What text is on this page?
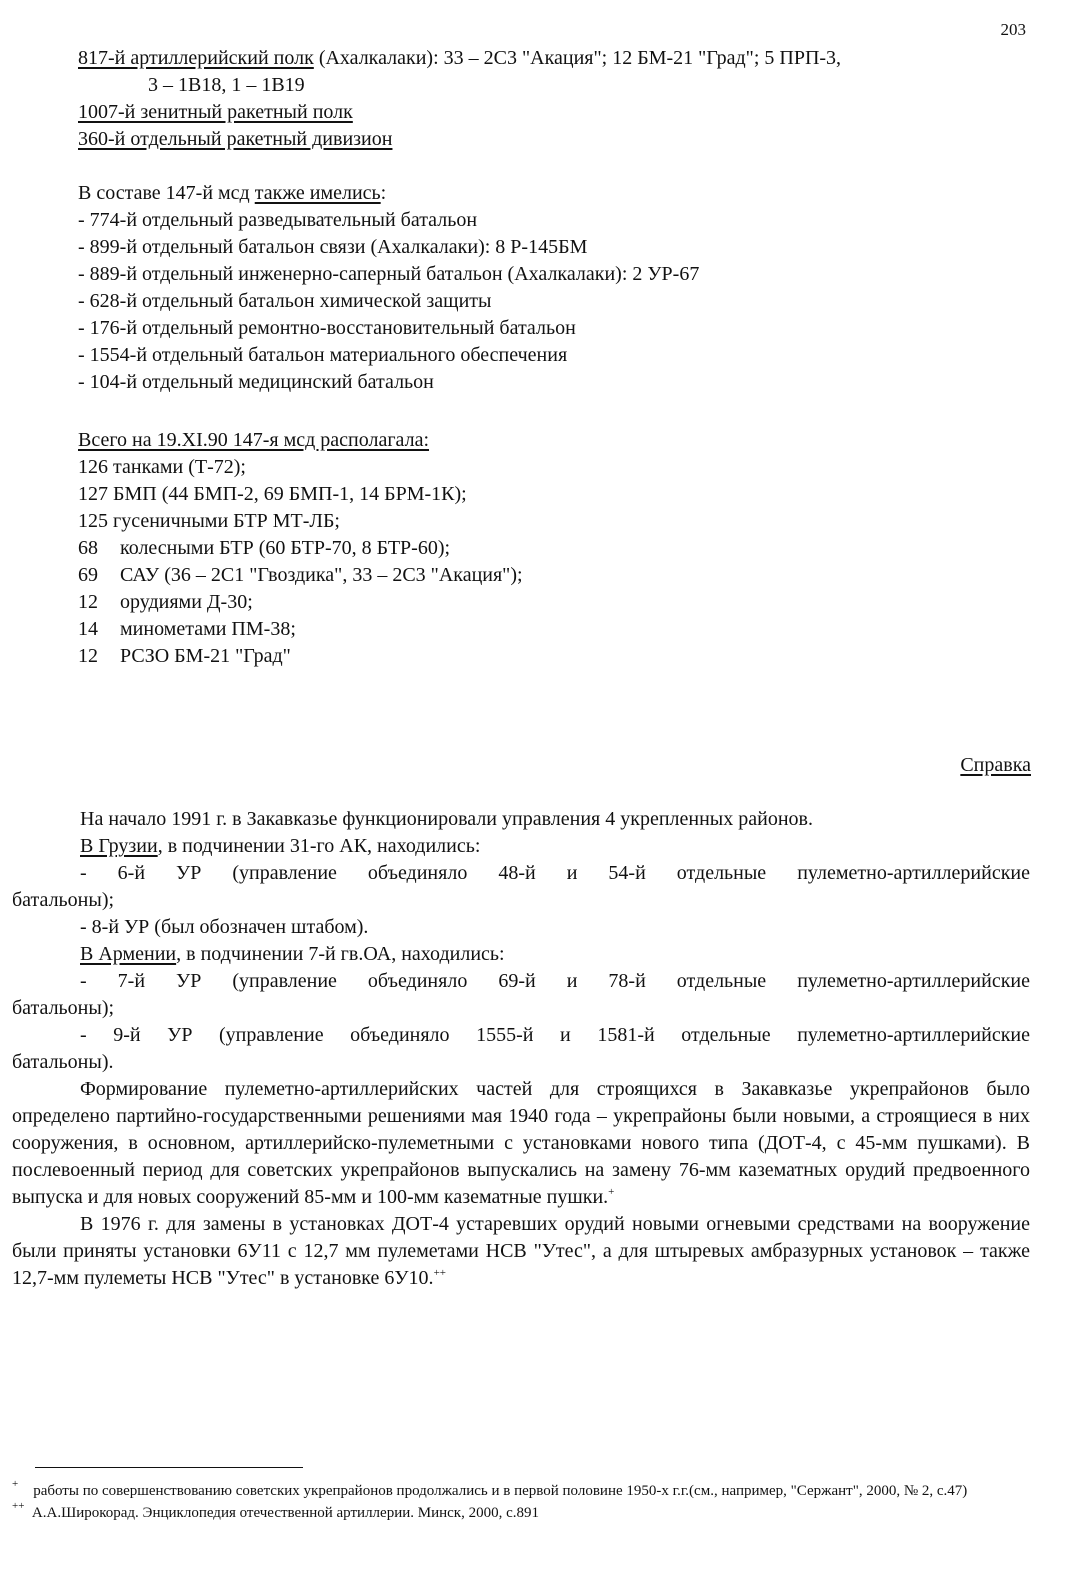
203
817-й артиллерийский полк (Ахалкалаки): 33 – 2С3 "Акация"; 12 БМ-21 "Град"; 5 ПРП-3,
3 – 1В18, 1 – 1В19
1007-й зенитный ракетный полк
360-й отдельный ракетный дивизион
В составе 147-й мсд также имелись:
- 774-й отдельный разведывательный батальон
- 899-й отдельный батальон связи (Ахалкалаки): 8 Р-145БМ
- 889-й отдельный инженерно-саперный батальон (Ахалкалаки): 2 УР-67
- 628-й отдельный батальон химической защиты
- 176-й отдельный ремонтно-восстановительный батальон
- 1554-й отдельный батальон материального обеспечения
- 104-й отдельный медицинский батальон
Всего на 19.XI.90 147-я мсд располагала:
126 танками (Т-72);
127 БМП (44 БМП-2, 69 БМП-1, 14 БРМ-1К);
125 гусеничными БТР МТ-ЛБ;
68 колесными БТР (60 БТР-70, 8 БТР-60);
69 САУ (36 – 2С1 "Гвоздика", 33 – 2С3 "Акация");
12 орудиями Д-30;
14 минометами ПМ-38;
12 РСЗО БМ-21 "Град"
Справка

На начало 1991 г. в Закавказье функционировали управления 4 укрепленных районов.

В Грузии, в подчинении 31-го АК, находились:

- 6-й УР (управление объединяло 48-й и 54-й отдельные пулеметно-артиллерийские

батальоны);

- 8-й УР (был обозначен штабом).

В Армении, в подчинении 7-й гв.ОА, находились:

- 7-й УР (управление объединяло 69-й и 78-й отдельные пулеметно-артиллерийские

батальоны);

- 9-й УР (управление объединяло 1555-й и 1581-й отдельные пулеметно-артиллерийские

батальоны).

Формирование пулеметно-артиллерийских частей для строящихся в Закавказье укрепрайонов было определено партийно-государственными решениями мая 1940 года – укрепрайоны были новыми, а строящиеся в них сооружения, в основном, артиллерийско-пулеметными с установками нового типа (ДОТ-4, с 45-мм пушками). В послевоенный период для советских укрепрайонов выпускались на замену 76-мм казематных орудий предвоенного выпуска и для новых сооружений 85-мм и 100-мм казематные пушки.+

В 1976 г. для замены в установках ДОТ-4 устаревших орудий новыми огневыми средствами на вооружение были приняты установки 6У11 с 12,7 мм пулеметами НСВ "Утес", а для штыревых амбразурных установок – также 12,7-мм пулеметы НСВ "Утес" в установке 6У10.++

+ работы по совершенствованию советских укрепрайонов продолжались и в первой половине 1950-х г.г.(см., например, "Сержант", 2000, № 2, с.47)

++ А.А.Широкорад. Энциклопедия отечественной артиллерии. Минск, 2000, с.891
